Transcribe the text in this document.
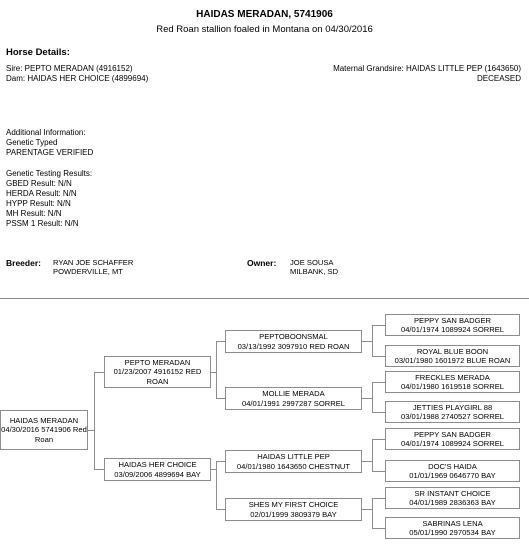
HAIDAS MERADAN, 5741906
Red Roan stallion foaled in Montana on 04/30/2016
Horse Details:
Sire: PEPTO MERADAN (4916152)
Dam: HAIDAS HER CHOICE (4899694)
Maternal Grandsire: HAIDAS LITTLE PEP (1643650)
DECEASED
Additional Information:
Genetic Typed
PARENTAGE VERIFIED
Genetic Testing Results:
GBED Result: N/N
HERDA Result: N/N
HYPP Result: N/N
MH Result: N/N
PSSM 1 Result: N/N
Breeder: RYAN JOE SCHAFFER
POWDERVILLE, MT
Owner: JOE SOUSA
MILBANK, SD
HAIDAS MERADAN
04/30/2016 5741906 Red Roan
PEPTO MERADAN
01/23/2007 4916152 RED ROAN
HAIDAS HER CHOICE
03/09/2006 4899694 BAY
PEPTOBOONSMAL
03/13/1992 3097910 RED ROAN
MOLLIE MERADA
04/01/1991 2997287 SORREL
HAIDAS LITTLE PEP
04/01/1980 1643650 CHESTNUT
SHES MY FIRST CHOICE
02/01/1999 3809379 BAY
PEPPY SAN BADGER
04/01/1974 1089924 SORREL
ROYAL BLUE BOON
03/01/1980 1601972 BLUE ROAN
FRECKLES MERADA
04/01/1980 1619518 SORREL
JETTIES PLAYGIRL 88
03/01/1988 2740527 SORREL
PEPPY SAN BADGER
04/01/1974 1089924 SORREL
DOC'S HAIDA
01/01/1969 0646770 BAY
SR INSTANT CHOICE
04/01/1989 2836363 BAY
SABRINAS LENA
05/01/1990 2970534 BAY
